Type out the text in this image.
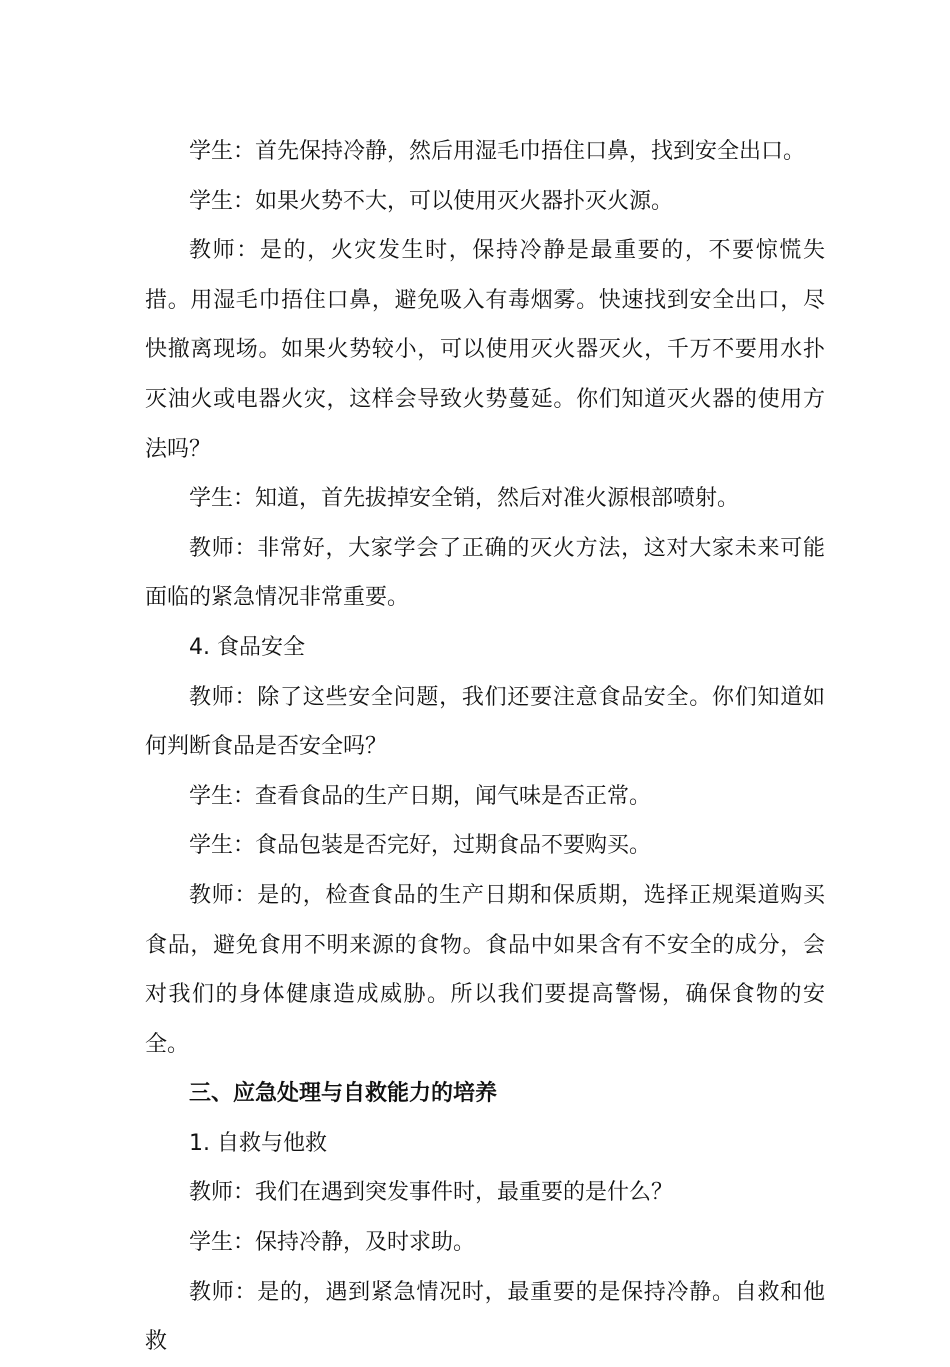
学生：首先保持冷静，然后用湿毛巾捂住口鼻，找到安全出口。

学生：如果火势不大，可以使用灭火器扑灭火源。

教师：是的，火灾发生时，保持冷静是最重要的，不要惊慌失措。用湿毛巾捂住口鼻，避免吸入有毒烟雾。快速找到安全出口，尽快撤离现场。如果火势较小，可以使用灭火器灭火，千万不要用水扑灭油火或电器火灾，这样会导致火势蔓延。你们知道灭火器的使用方法吗？

学生：知道，首先拔掉安全销，然后对准火源根部喷射。

教师：非常好，大家学会了正确的灭火方法，这对大家未来可能面临的紧急情况非常重要。

4. 食品安全

教师：除了这些安全问题，我们还要注意食品安全。你们知道如何判断食品是否安全吗？

学生：查看食品的生产日期，闻气味是否正常。

学生：食品包装是否完好，过期食品不要购买。

教师：是的，检查食品的生产日期和保质期，选择正规渠道购买食品，避免食用不明来源的食物。食品中如果含有不安全的成分，会对我们的身体健康造成威胁。所以我们要提高警惕，确保食物的安全。

三、应急处理与自救能力的培养

1. 自救与他救

教师：我们在遇到突发事件时，最重要的是什么？

学生：保持冷静，及时求助。

教师：是的，遇到紧急情况时，最重要的是保持冷静。自救和他救
